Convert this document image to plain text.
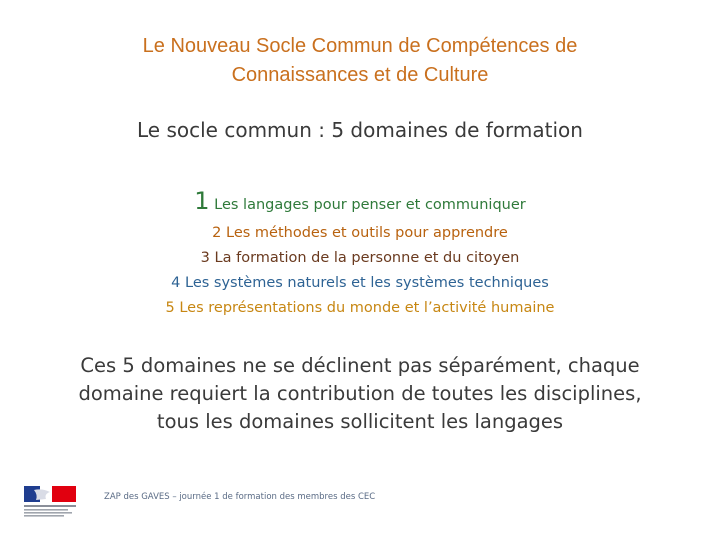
Le Nouveau Socle Commun de Compétences de
Connaissances et de Culture
Le socle commun : 5 domaines de formation
1 Les langages pour penser et communiquer
2 Les méthodes et outils pour apprendre
3 La formation de la personne et du citoyen
4 Les systèmes naturels et les systèmes techniques
5 Les représentations du monde et l’activité humaine
Ces 5 domaines ne se déclinent pas séparément, chaque
domaine requiert la contribution de toutes les disciplines,
tous les domaines sollicitent les langages
ZAP des GAVES – journée 1 de formation des membres des CEC
